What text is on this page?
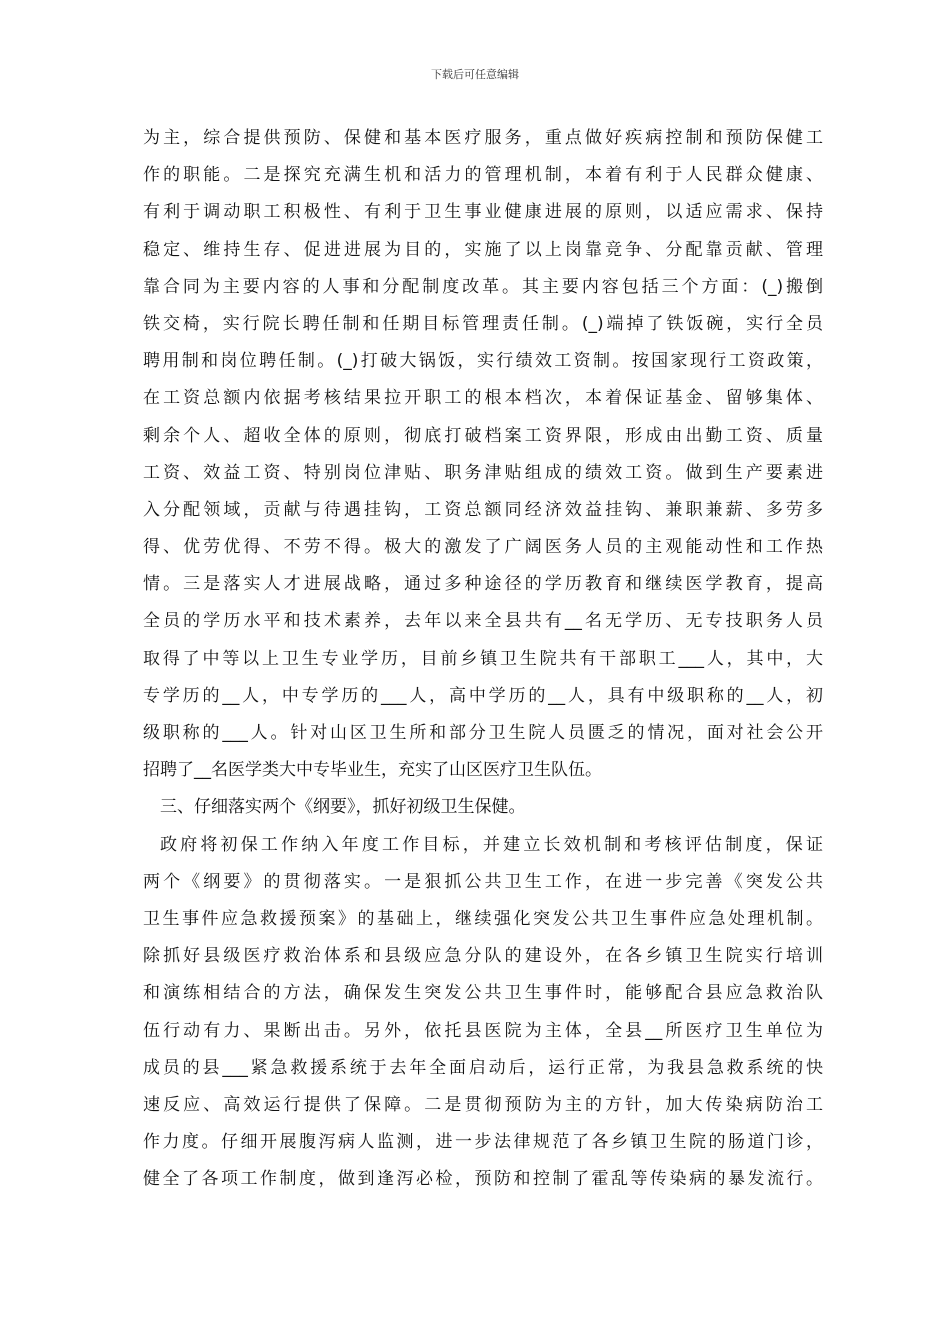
下载后可任意编辑
为主，综合提供预防、保健和基本医疗服务，重点做好疾病控制和预防保健工
作的职能。二是探究充满生机和活力的管理机制，本着有利于人民群众健康、
有利于调动职工积极性、有利于卫生事业健康进展的原则，以适应需求、保持
稳定、维持生存、促进进展为目的，实施了以上岗靠竞争、分配靠贡献、管理
靠合同为主要内容的人事和分配制度改革。其主要内容包括三个方面：(_)搬倒
铁交椅，实行院长聘任制和任期目标管理责任制。(_)端掉了铁饭碗，实行全员
聘用制和岗位聘任制。(_)打破大锅饭，实行绩效工资制。按国家现行工资政策，
在工资总额内依据考核结果拉开职工的根本档次，本着保证基金、留够集体、
剩余个人、超收全体的原则，彻底打破档案工资界限，形成由出勤工资、质量
工资、效益工资、特别岗位津贴、职务津贴组成的绩效工资。做到生产要素进
入分配领域，贡献与待遇挂钩，工资总额同经济效益挂钩、兼职兼薪、多劳多
得、优劳优得、不劳不得。极大的激发了广阔医务人员的主观能动性和工作热
情。三是落实人才进展战略，通过多种途径的学历教育和继续医学教育，提高
全员的学历水平和技术素养，去年以来全县共有__名无学历、无专技职务人员
取得了中等以上卫生专业学历，目前乡镇卫生院共有干部职工___人，其中，大
专学历的__人，中专学历的___人，高中学历的__人，具有中级职称的__人，初
级职称的___人。针对山区卫生所和部分卫生院人员匮乏的情况，面对社会公开
招聘了__名医学类大中专毕业生，充实了山区医疗卫生队伍。
三、仔细落实两个《纲要》，抓好初级卫生保健。
政府将初保工作纳入年度工作目标，并建立长效机制和考核评估制度，保证
两个《纲要》的贯彻落实。一是狠抓公共卫生工作，在进一步完善《突发公共
卫生事件应急救援预案》的基础上，继续强化突发公共卫生事件应急处理机制。
除抓好县级医疗救治体系和县级应急分队的建设外，在各乡镇卫生院实行培训
和演练相结合的方法，确保发生突发公共卫生事件时，能够配合县应急救治队
伍行动有力、果断出击。另外，依托县医院为主体，全县__所医疗卫生单位为
成员的县___紧急救援系统于去年全面启动后，运行正常，为我县急救系统的快
速反应、高效运行提供了保障。二是贯彻预防为主的方针，加大传染病防治工
作力度。仔细开展腹泻病人监测，进一步法律规范了各乡镇卫生院的肠道门诊，
健全了各项工作制度，做到逢泻必检，预防和控制了霍乱等传染病的暴发流行。
